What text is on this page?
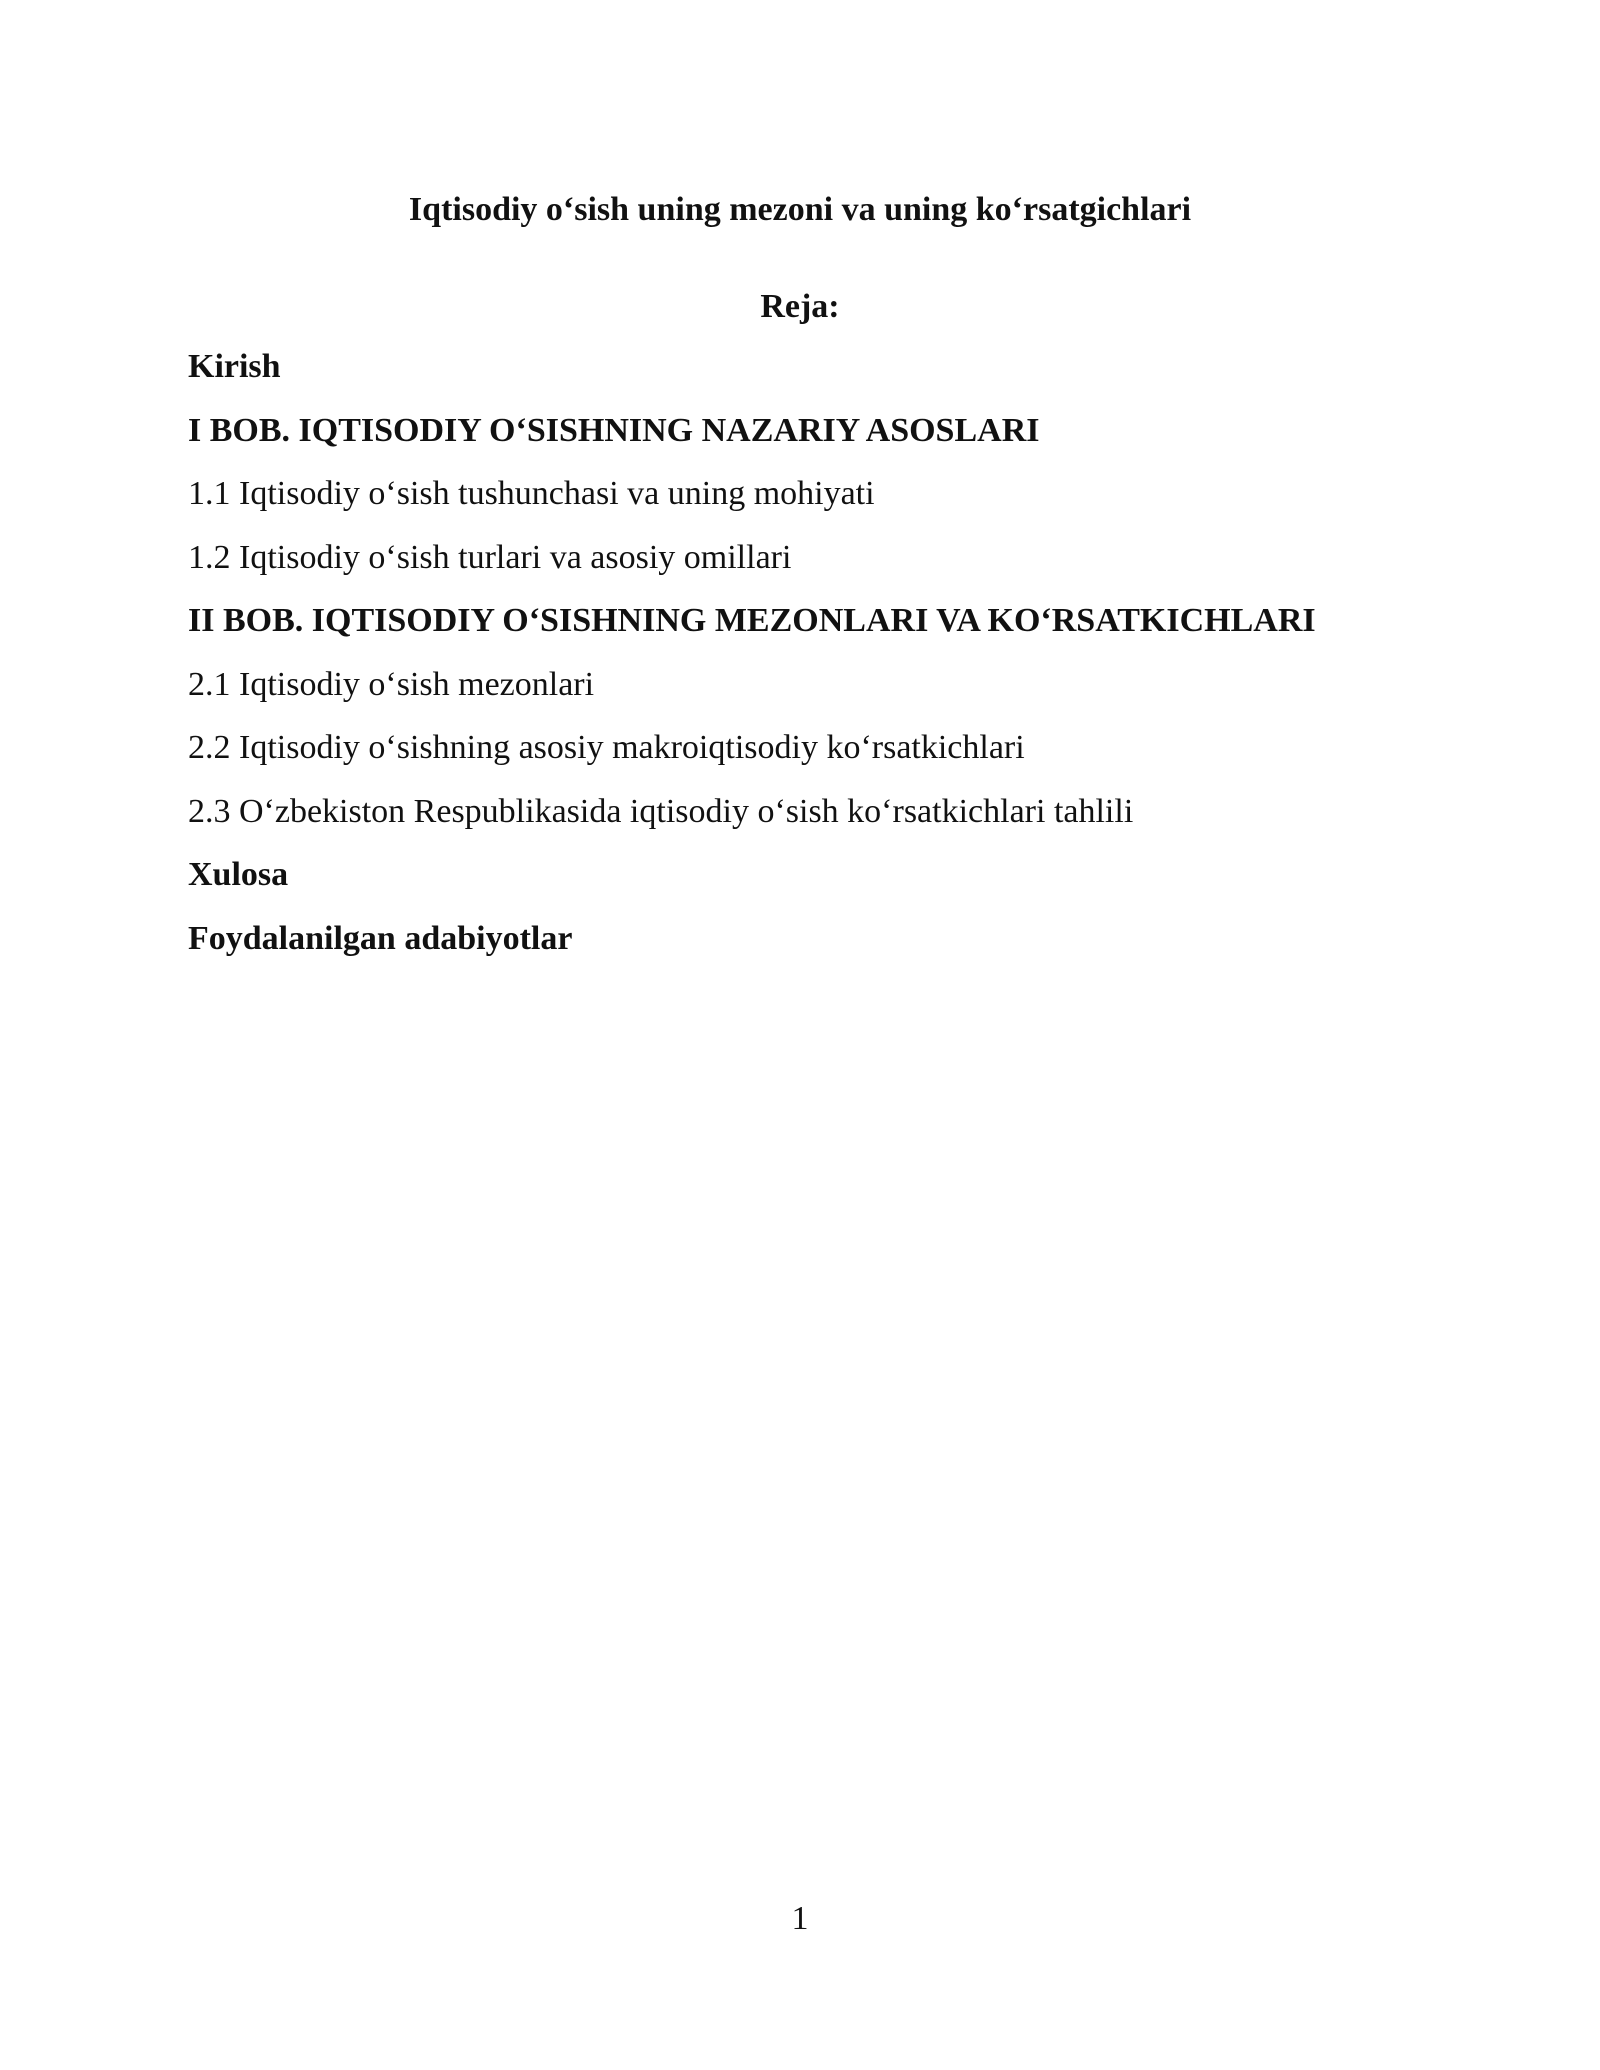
Iqtisodiy o‘sish uning mezoni va uning ko‘rsatgichlari
Reja:
Kirish
I BOB. IQTISODIY O‘SISHNING NAZARIY ASOSLARI
1.1 Iqtisodiy o‘sish tushunchasi va uning mohiyati
1.2 Iqtisodiy o‘sish turlari va asosiy omillari
II BOB. IQTISODIY O‘SISHNING MEZONLARI VA KO‘RSATKICHLARI
2.1 Iqtisodiy o‘sish mezonlari
2.2 Iqtisodiy o‘sishning asosiy makroiqtisodiy ko‘rsatkichlari
2.3 O‘zbekiston Respublikasida iqtisodiy o‘sish ko‘rsatkichlari tahlili
Xulosa
Foydalanilgan adabiyotlar
1
